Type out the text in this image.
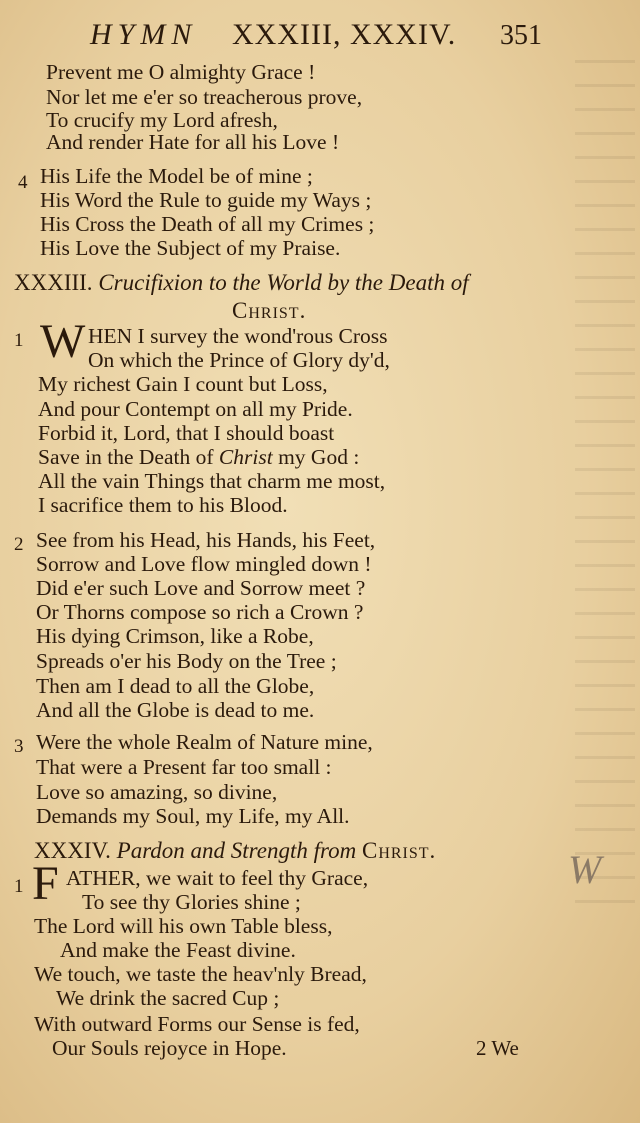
HYMN XXXIII, XXXIV. 351
Prevent me O almighty Grace !
Nor let me e'er so treacherous prove,
To crucify my Lord afresh,
And render Hate for all his Love !
4 His Life the Model be of mine ;
His Word the Rule to guide my Ways ;
His Cross the Death of all my Crimes ;
His Love the Subject of my Praise.
XXXIII. Crucifixion to the World by the Death of
Christ.
1 W HEN I survey the wond'rous Cross
On which the Prince of Glory dy'd,
My richest Gain I count but Loss,
And pour Contempt on all my Pride.
Forbid it, Lord, that I should boast
Save in the Death of Christ my God :
All the vain Things that charm me most,
I sacrifice them to his Blood.
2 See from his Head, his Hands, his Feet,
Sorrow and Love flow mingled down !
Did e'er such Love and Sorrow meet ?
Or Thorns compose so rich a Crown ?
His dying Crimson, like a Robe,
Spreads o'er his Body on the Tree ;
Then am I dead to all the Globe,
And all the Globe is dead to me.
3 Were the whole Realm of Nature mine,
That were a Present far too small :
Love so amazing, so divine,
Demands my Soul, my Life, my All.
XXXIV. Pardon and Strength from Christ.
1 F ATHER, we wait to feel thy Grace,
To see thy Glories shine ;
The Lord will his own Table bless,
And make the Feast divine.
We touch, we taste the heav'nly Bread,
We drink the sacred Cup ;
With outward Forms our Sense is fed,
Our Souls rejoyce in Hope.	2 We
W
